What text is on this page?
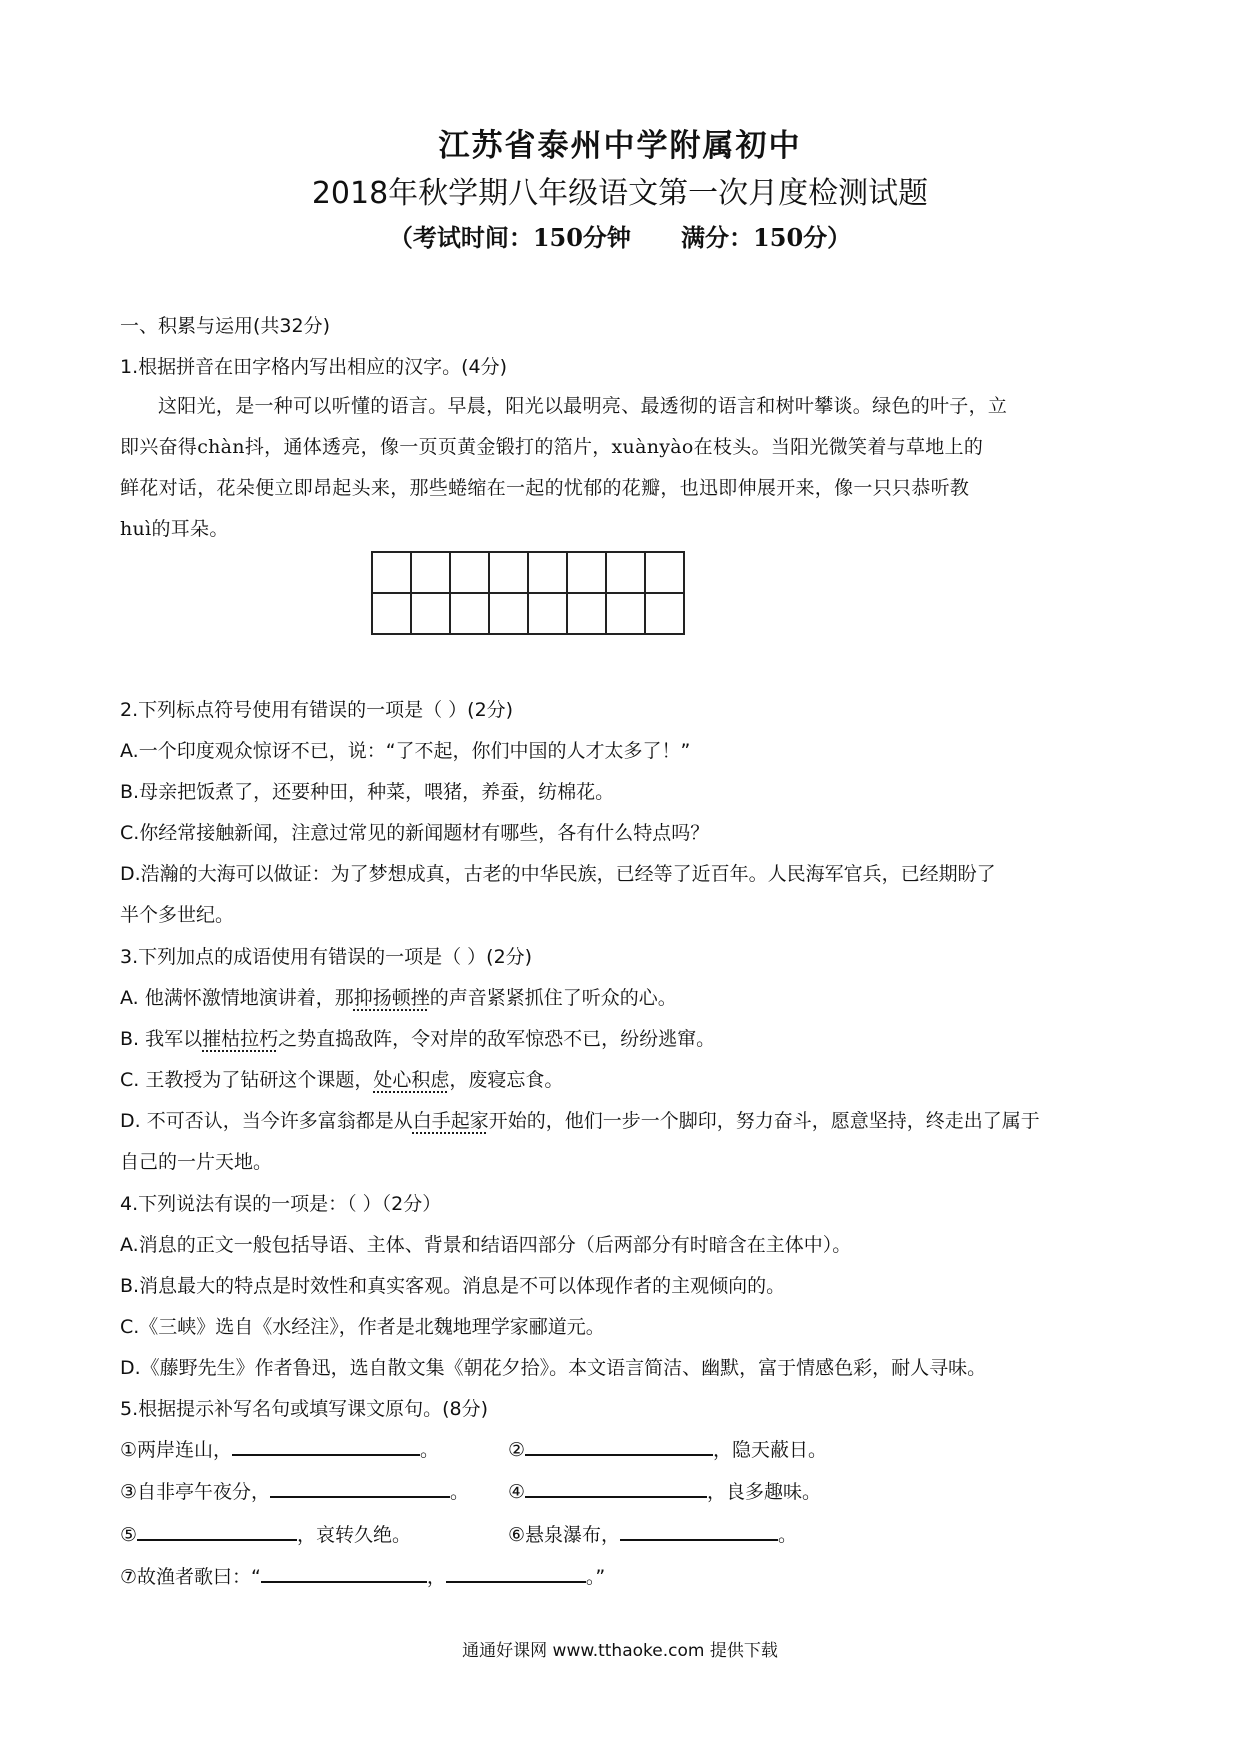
江苏省泰州中学附属初中
2018年秋学期八年级语文第一次月度检测试题
（考试时间：150分钟      满分：150分）
一、积累与运用(共32分)
1.根据拼音在田字格内写出相应的汉字。(4分)
这阳光，是一种可以听懂的语言。早晨，阳光以最明亮、最透彻的语言和树叶攀谈。绿色的叶子，立
即兴奋得chàn抖，通体透亮，像一页页黄金锻打的箔片，xuànyào在枝头。当阳光微笑着与草地上的
鲜花对话，花朵便立即昂起头来，那些蜷缩在一起的忧郁的花瓣，也迅即伸展开来，像一只只恭听教
huì的耳朵。

2.下列标点符号使用有错误的一项是（ ）(2分)
A.一个印度观众惊讶不已，说：“了不起，你们中国的人才太多了！”
B.母亲把饭煮了，还要种田，种菜，喂猪，养蚕，纺棉花。
C.你经常接触新闻，注意过常见的新闻题材有哪些，各有什么特点吗？
D.浩瀚的大海可以做证：为了梦想成真，古老的中华民族，已经等了近百年。人民海军官兵，已经期盼了
半个多世纪。
3.下列加点的成语使用有错误的一项是（ ）(2分)
A. 他满怀激情地演讲着，那抑扬顿挫的声音紧紧抓住了听众的心。
B. 我军以摧枯拉朽之势直捣敌阵，令对岸的敌军惊恐不已，纷纷逃窜。
C. 王教授为了钻研这个课题，处心积虑，废寝忘食。
D. 不可否认，当今许多富翁都是从白手起家开始的，他们一步一个脚印，努力奋斗，愿意坚持，终走出了属于
自己的一片天地。
4.下列说法有误的一项是：（ ）（2分）
A.消息的正文一般包括导语、主体、背景和结语四部分（后两部分有时暗含在主体中）。
B.消息最大的特点是时效性和真实客观。消息是不可以体现作者的主观倾向的。
C.《三峡》选自《水经注》，作者是北魏地理学家郦道元。
D.《藤野先生》作者鲁迅，选自散文集《朝花夕拾》。本文语言简洁、幽默，富于情感色彩，耐人寻味。
5.根据提示补写名句或填写课文原句。(8分)
①两岸连山，	。	②	，隐天蔽日。
③自非亭午夜分，	。 ④	，良多趣味。
⑤	，哀转久绝。	⑥悬泉瀑布，	。
⑦故渔者歌曰：“	，	。”
通通好课网 www.tthaoke.com 提供下载
